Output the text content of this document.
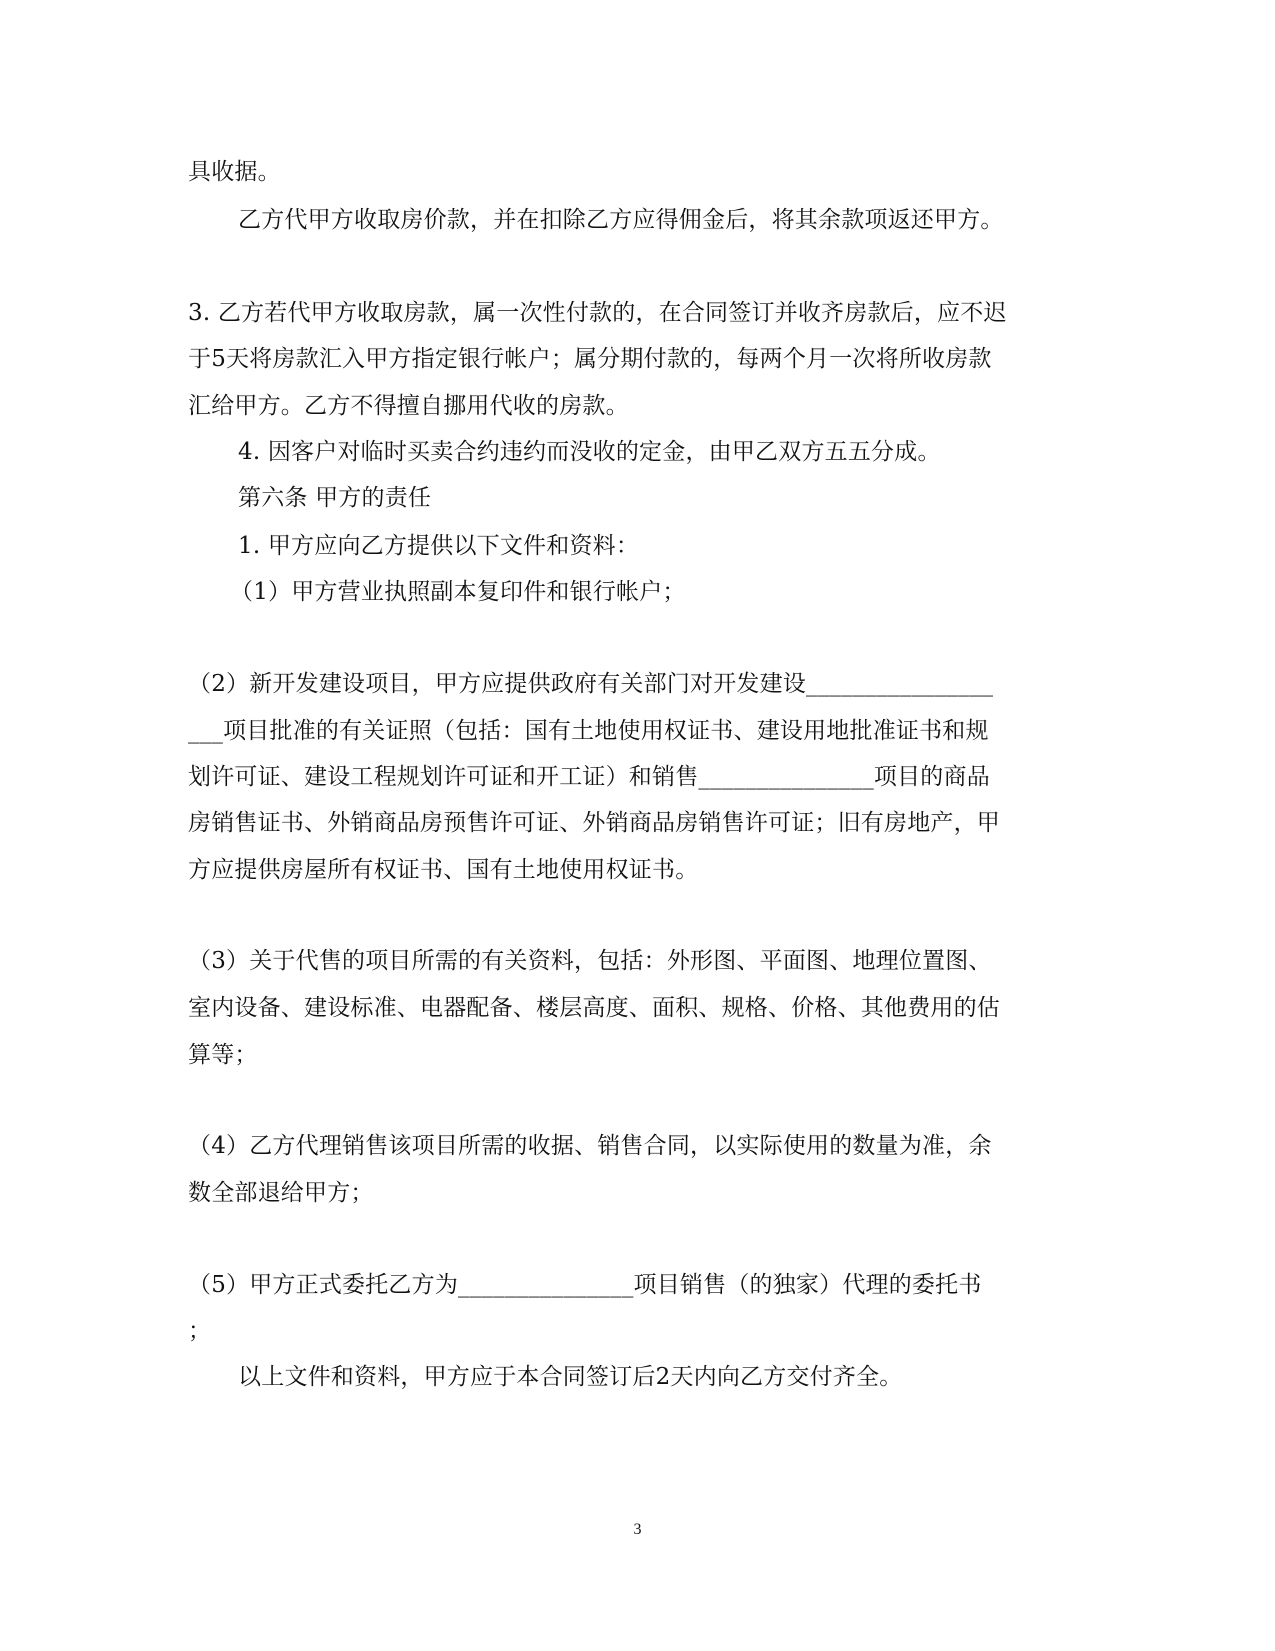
具收据。
乙方代甲方收取房价款，并在扣除乙方应得佣金后，将其余款项返还甲方。
3. 乙方若代甲方收取房款，属一次性付款的，在合同签订并收齐房款后，应不迟
于5天将房款汇入甲方指定银行帐户；属分期付款的，每两个月一次将所收房款
汇给甲方。乙方不得擅自挪用代收的房款。
4. 因客户对临时买卖合约违约而没收的定金，由甲乙双方五五分成。
第六条 甲方的责任
1. 甲方应向乙方提供以下文件和资料：
（1）甲方营业执照副本复印件和银行帐户；
（2）新开发建设项目，甲方应提供政府有关部门对开发建设________________
___项目批准的有关证照（包括：国有土地使用权证书、建设用地批准证书和规
划许可证、建设工程规划许可证和开工证）和销售_______________项目的商品
房销售证书、外销商品房预售许可证、外销商品房销售许可证；旧有房地产，甲
方应提供房屋所有权证书、国有土地使用权证书。
（3）关于代售的项目所需的有关资料，包括：外形图、平面图、地理位置图、
室内设备、建设标准、电器配备、楼层高度、面积、规格、价格、其他费用的估
算等；
（4）乙方代理销售该项目所需的收据、销售合同，以实际使用的数量为准，余
数全部退给甲方；
（5）甲方正式委托乙方为_______________项目销售（的独家）代理的委托书
；
以上文件和资料，甲方应于本合同签订后2天内向乙方交付齐全。
3
